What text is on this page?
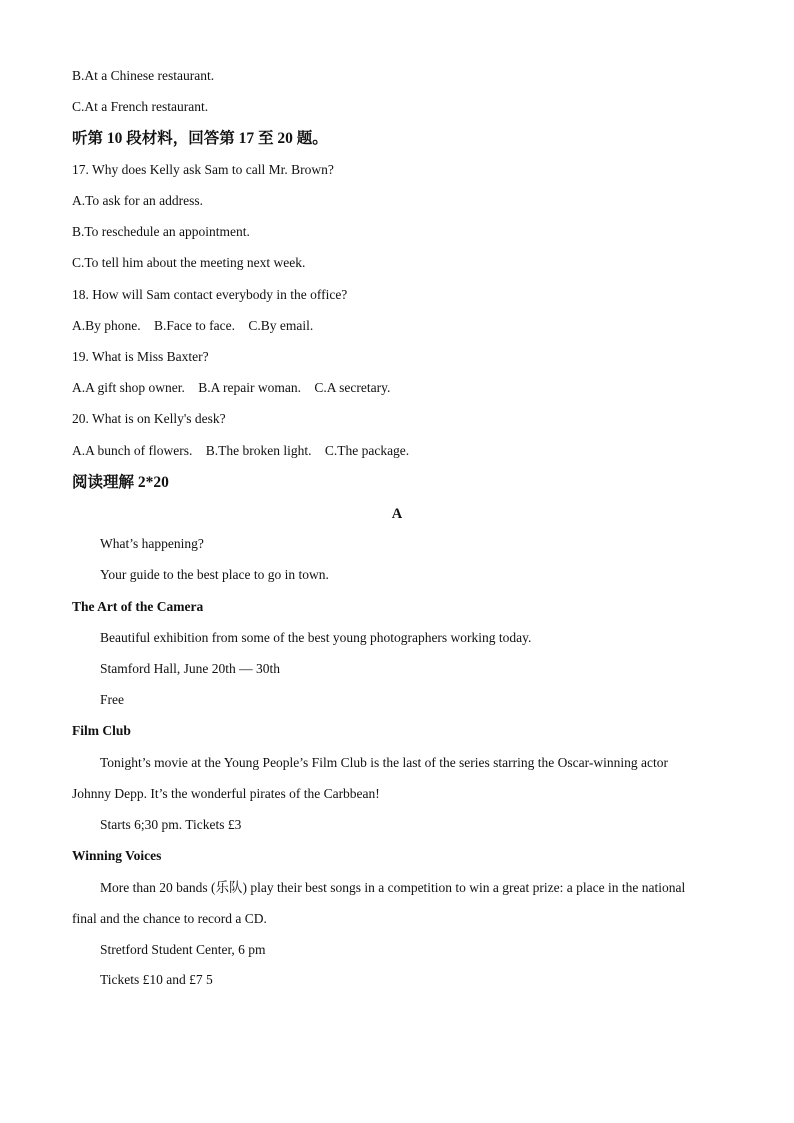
B.At a Chinese restaurant.
C.At a French restaurant.
听第 10 段材料，回答第 17 至 20 题。
17. Why does Kelly ask Sam to call Mr. Brown?
A.To ask for an address.
B.To reschedule an appointment.
C.To tell him about the meeting next week.
18. How will Sam contact everybody in the office?
A.By phone. B.Face to face. C.By email.
19. What is Miss Baxter?
A.A gift shop owner. B.A repair woman. C.A secretary.
20. What is on Kelly's desk?
A.A bunch of flowers. B.The broken light. C.The package.
阅读理解 2*20
A
What’s happening?
Your guide to the best place to go in town.
The Art of the Camera
Beautiful exhibition from some of the best young photographers working today.
Stamford Hall, June 20th — 30th
Free
Film Club
Tonight’s movie at the Young People’s Film Club is the last of the series starring the Oscar-winning actor
Johnny Depp. It’s the wonderful pirates of the Carbbean!
Starts 6;30 pm. Tickets £3
Winning Voices
More than 20 bands (乐队) play their best songs in a competition to win a great prize: a place in the national
final and the chance to record a CD.
Stretford Student Center, 6 pm
Tickets £10 and £7 5
